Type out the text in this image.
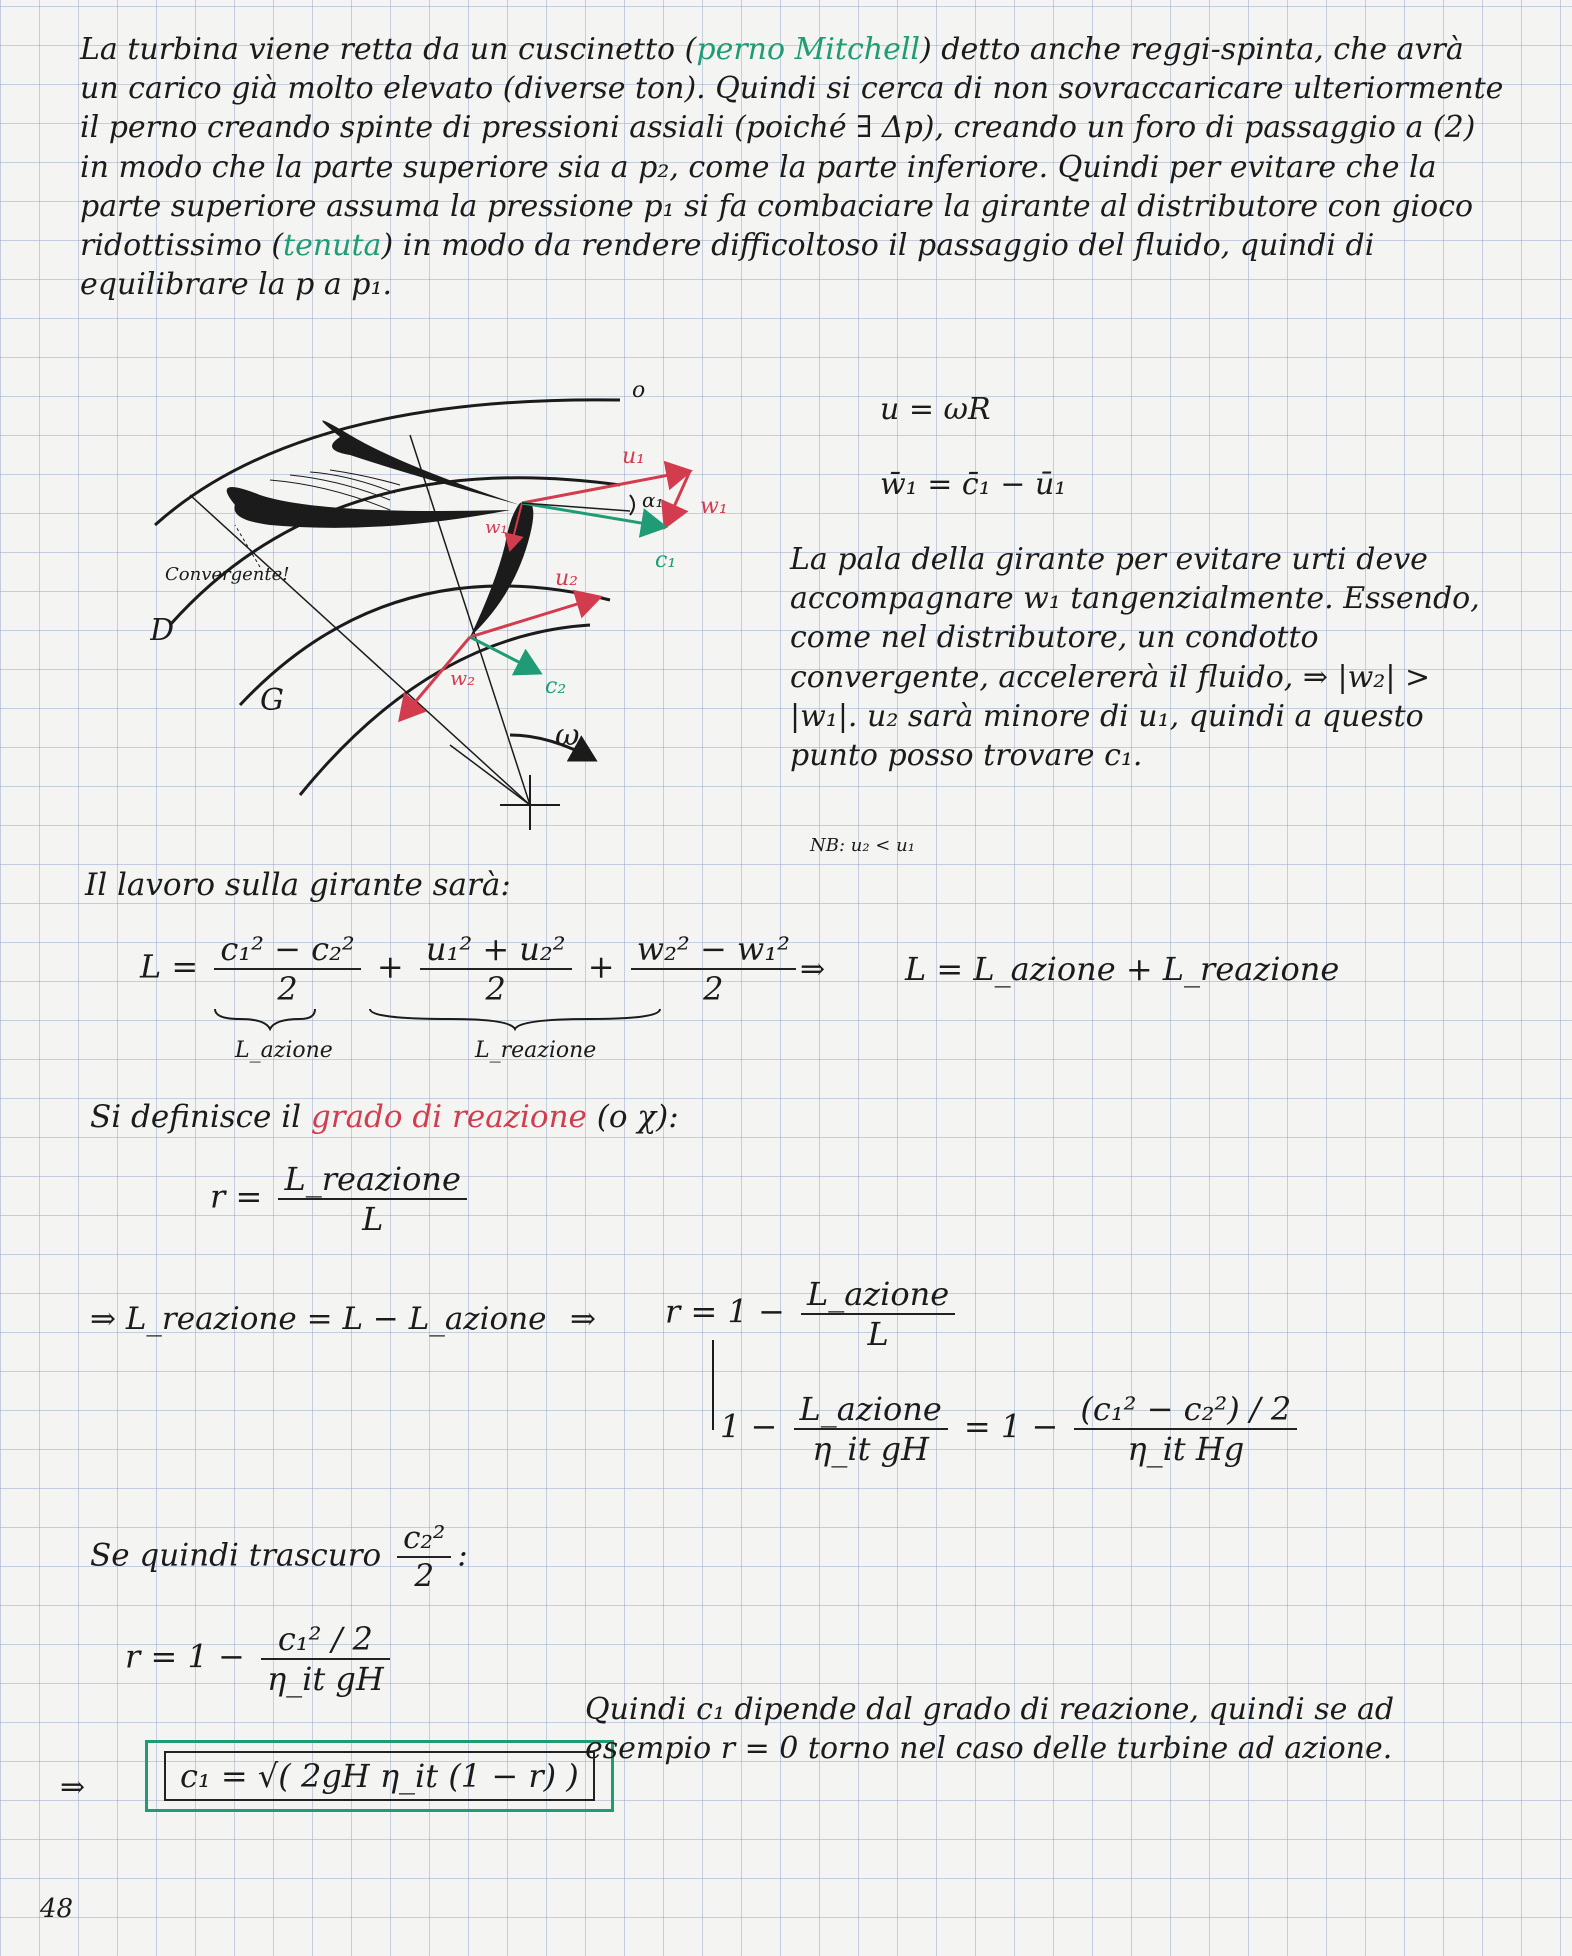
La turbina viene retta da un cuscinetto (perno Mitchell) detto anche reggi-spinta, che avrà un carico già molto elevato (diverse ton). Quindi si cerca di non sovraccaricare ulteriormente il perno creando spinte di pressioni assiali (poiché ∃ Δp), creando un foro di passaggio a (2) in modo che la parte superiore sia a p₂, come la parte inferiore. Quindi per evitare che la parte superiore assuma la pressione p₁ si fa combaciare la girante al distributore con gioco ridottissimo (tenuta) in modo da rendere difficoltoso il passaggio del fluido, quindi di equilibrare la p a p₁.
o
u₁
α₁ w₁
w₁
c₁
u₂
w₂	c₂
Convergente!
D
G
ω
u = ωR
w̄₁ = c̄₁ − ū₁
La pala della girante per evitare urti deve accompagnare w₁ tangenzialmente. Essendo, come nel distributore, un condotto convergente, accelererà il fluido, ⇒ |w₂| > |w₁|. u₂ sarà minore di u₁, quindi a questo punto posso trovare c₁.
NB: u₂ < u₁
Il lavoro sulla girante sarà:
$L = \frac{\text{c₁² − c₂²}}{2} + \frac{\text{u₁² + u₂²}}{2} + \frac{\text{w₂² − w₁²}}{2}$
L_azione	L_reazione
⇒ L = L_azione + L_reazione
Si definisce il grado di reazione (o χ):
$r = \frac{\text{L\_reazione}}{L}$
⇒ L_reazione = L − L_azione ⇒ $r = 1 - \frac{\text{L\_azione}}{L}$
$1 - \frac{\text{L\_azione}}{\text{η\_it gH}} = 1 - \frac{\text{(c₁² − c₂²) / 2}}{\text{η\_it Hg}}$
Se quindi trascuro $\frac{\text{c₂²}}{2}$ :
$r = 1 - \frac{\text{c₁² / 2}}{\text{η\_it gH}}$
⇒	c₁ = √( 2gH η_it (1 − r) )
Quindi c₁ dipende dal grado di reazione, quindi se ad esempio r = 0 torno nel caso delle turbine ad azione.
48
